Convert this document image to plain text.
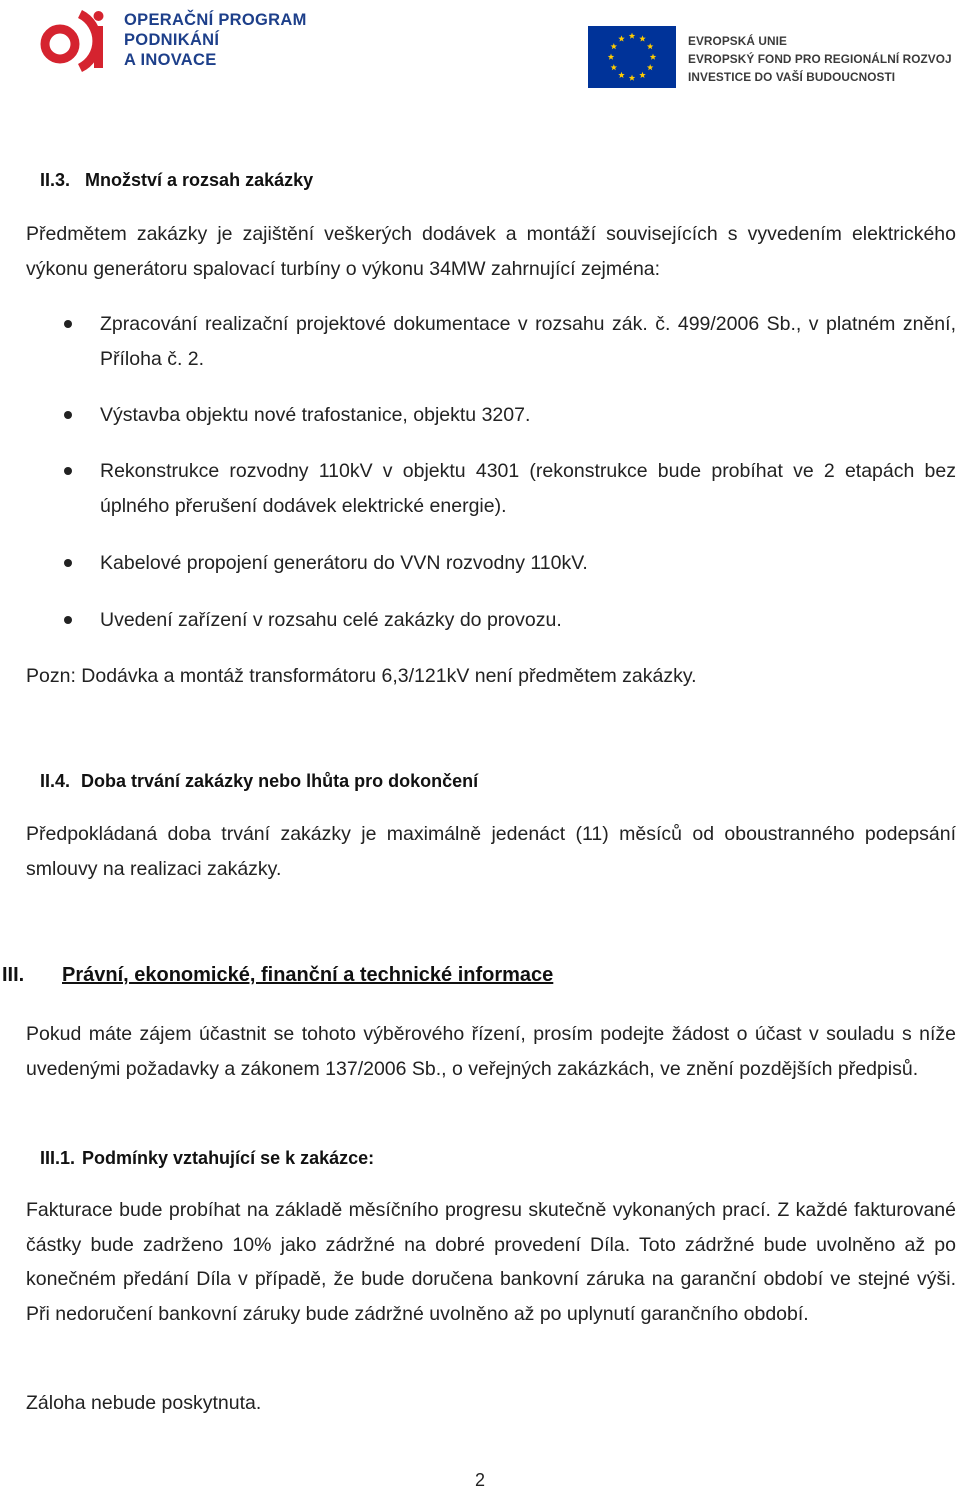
OPERAČNÍ PROGRAM
PODNIKÁNÍ
A INOVACE
EVROPSKÁ UNIE
EVROPSKÝ FOND PRO REGIONÁLNÍ ROZVOJ
INVESTICE DO VAŠÍ BUDOUCNOSTI
II.3. Množství a rozsah zakázky
Předmětem zakázky je zajištění veškerých dodávek a montáží souvisejících s vyvedením elektrického výkonu generátoru spalovací turbíny o výkonu 34MW zahrnující zejména:
Zpracování realizační projektové dokumentace v rozsahu zák. č. 499/2006 Sb., v platném znění, Příloha č. 2.
Výstavba objektu nové trafostanice, objektu 3207.
Rekonstrukce rozvodny 110kV v objektu 4301 (rekonstrukce bude probíhat ve 2 etapách bez úplného přerušení dodávek elektrické energie).
Kabelové propojení generátoru do VVN rozvodny 110kV.
Uvedení zařízení v rozsahu celé zakázky do provozu.
Pozn: Dodávka a montáž transformátoru 6,3/121kV není předmětem zakázky.
II.4. Doba trvání zakázky nebo lhůta pro dokončení
Předpokládaná doba trvání zakázky je maximálně jedenáct (11) měsíců od oboustranného podepsání smlouvy na realizaci zakázky.
III. Právní, ekonomické, finanční a technické informace
Pokud máte zájem účastnit se tohoto výběrového řízení, prosím podejte žádost o účast v souladu s níže uvedenými požadavky a zákonem 137/2006 Sb., o veřejných zakázkách, ve znění pozdějších předpisů.
III.1. Podmínky vztahující se k zakázce:
Fakturace bude probíhat na základě měsíčního progresu skutečně vykonaných prací. Z každé fakturované částky bude zadrženo 10% jako zádržné na dobré provedení Díla. Toto zádržné bude uvolněno až po konečném předání Díla v případě, že bude doručena bankovní záruka na garanční období ve stejné výši. Při nedoručení bankovní záruky bude zádržné uvolněno až po uplynutí garančního období.
Záloha nebude poskytnuta.
2
